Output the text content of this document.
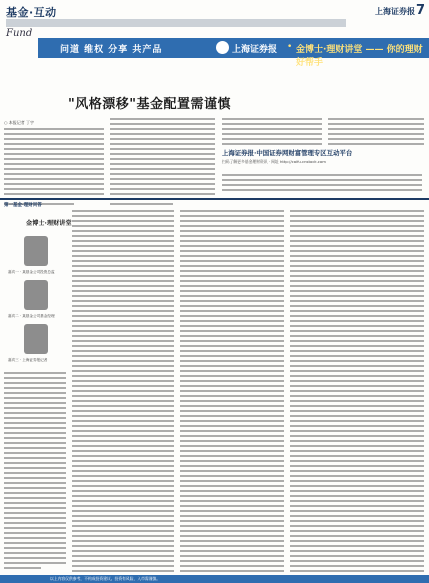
基金·互动
Fund
上海证券报 7
问道 维权 分享 共产品	上海证券报 • 金博士·理财讲堂 —— 你的理财好帮手
"风格漂移"基金配置需谨慎
○ 本报记者 丁宇
上海证券报·中国证券网财富管理专区互动平台
扫码了解更多基金理财资讯 · 网址 http://caifu.cnstock.com
第一基金·理财问答
金博士·理财讲堂
嘉宾一 · 某基金公司投资总监
嘉宾二 · 某基金公司基金经理
嘉宾三 · 上海证券报记者
以上内容仅供参考，不构成投资建议。投资有风险，入市需谨慎。
